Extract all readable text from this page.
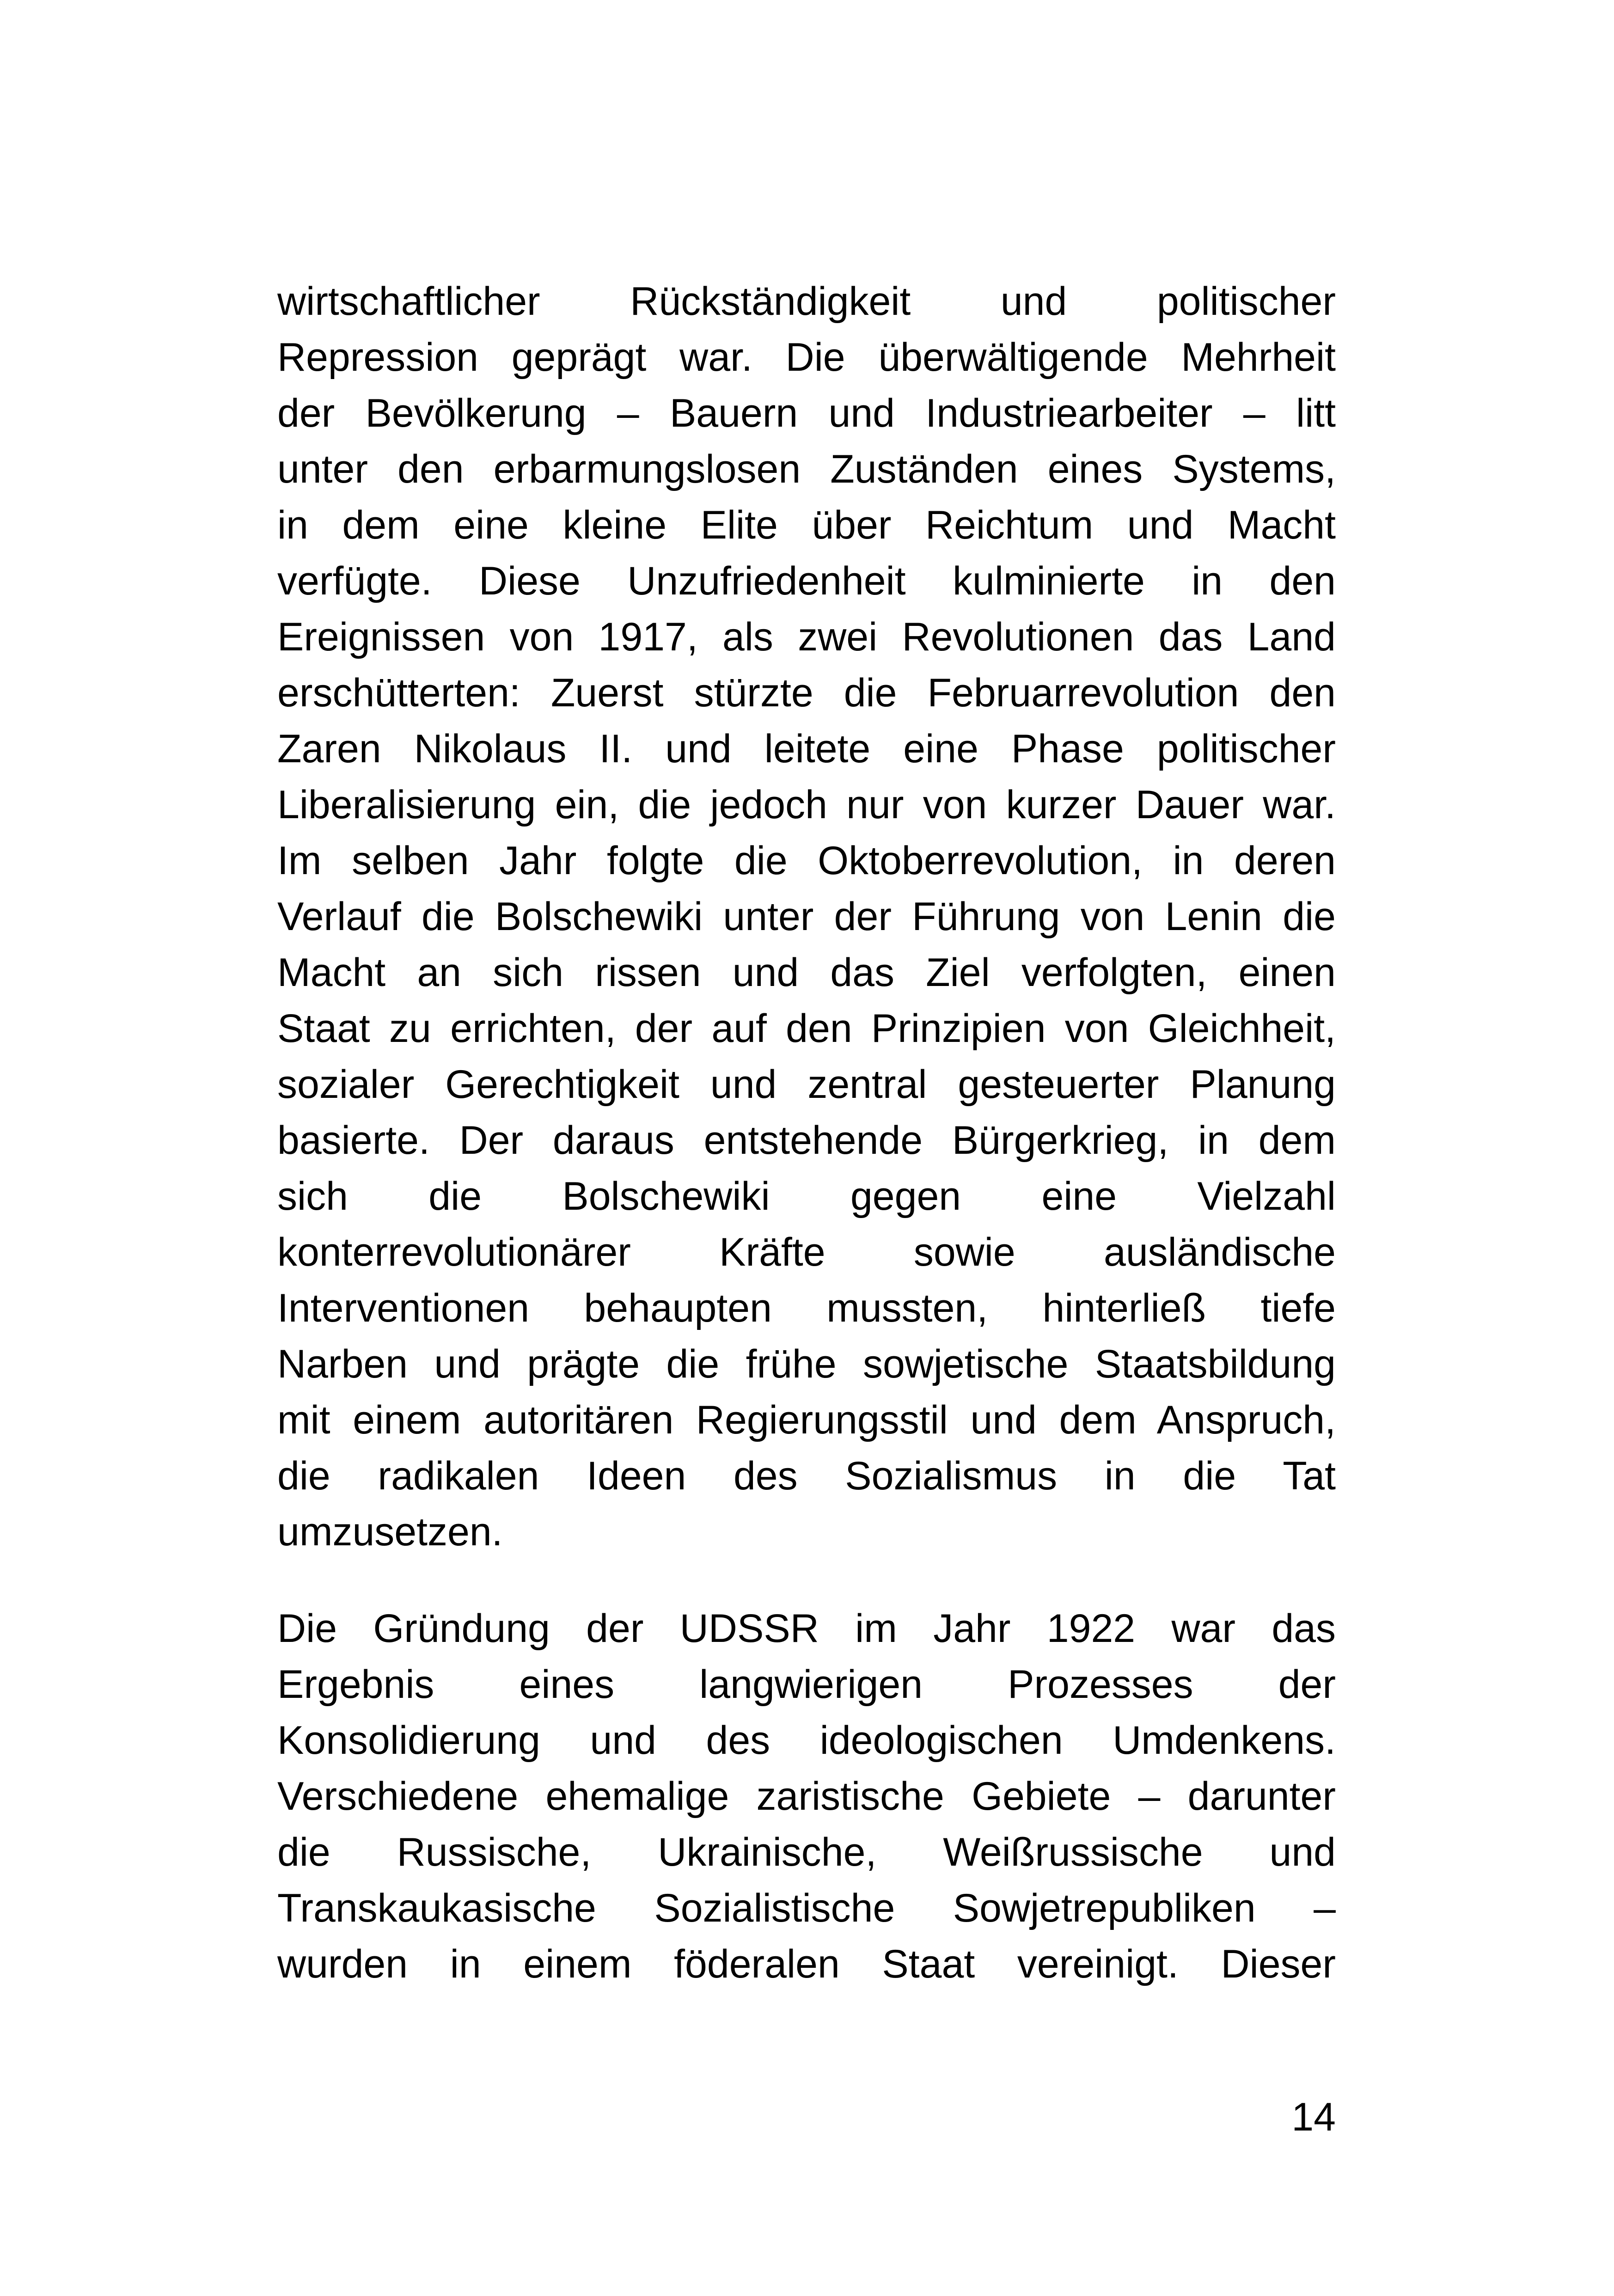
wirtschaftlicher Rückständigkeit und politischer
Repression geprägt war. Die überwältigende Mehrheit
der Bevölkerung – Bauern und Industriearbeiter – litt
unter den erbarmungslosen Zuständen eines Systems,
in dem eine kleine Elite über Reichtum und Macht
verfügte. Diese Unzufriedenheit kulminierte in den
Ereignissen von 1917, als zwei Revolutionen das Land
erschütterten: Zuerst stürzte die Februarrevolution den
Zaren Nikolaus II. und leitete eine Phase politischer
Liberalisierung ein, die jedoch nur von kurzer Dauer war.
Im selben Jahr folgte die Oktoberrevolution, in deren
Verlauf die Bolschewiki unter der Führung von Lenin die
Macht an sich rissen und das Ziel verfolgten, einen
Staat zu errichten, der auf den Prinzipien von Gleichheit,
sozialer Gerechtigkeit und zentral gesteuerter Planung
basierte. Der daraus entstehende Bürgerkrieg, in dem
sich die Bolschewiki gegen eine Vielzahl
konterrevolutionärer Kräfte sowie ausländische
Interventionen behaupten mussten, hinterließ tiefe
Narben und prägte die frühe sowjetische Staatsbildung
mit einem autoritären Regierungsstil und dem Anspruch,
die radikalen Ideen des Sozialismus in die Tat
umzusetzen.

Die Gründung der UDSSR im Jahr 1922 war das
Ergebnis eines langwierigen Prozesses der
Konsolidierung und des ideologischen Umdenkens.
Verschiedene ehemalige zaristische Gebiete – darunter
die Russische, Ukrainische, Weißrussische und
Transkaukasische Sozialistische Sowjetrepubliken –
wurden in einem föderalen Staat vereinigt. Dieser

14
